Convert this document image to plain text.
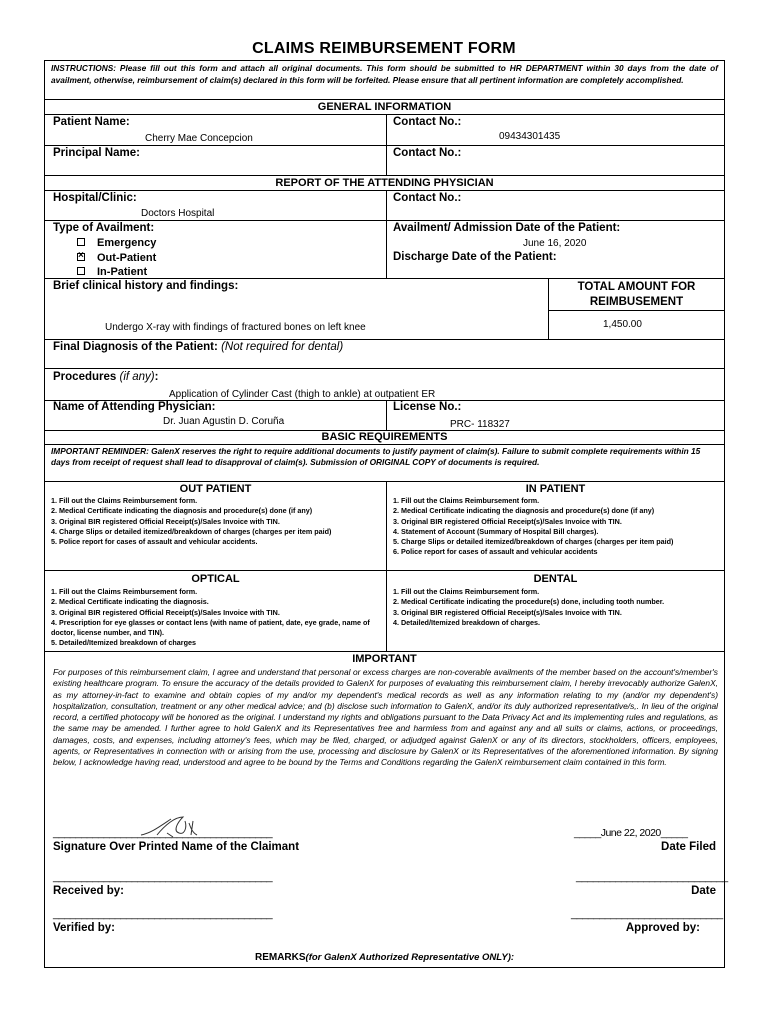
CLAIMS REIMBURSEMENT FORM
INSTRUCTIONS: Please fill out this form and attach all original documents. This form should be submitted to HR DEPARTMENT within 30 days from the date of availment, otherwise, reimbursement of claim(s) declared in this form will be forfeited. Please ensure that all pertinent information are completely accomplished.
GENERAL INFORMATION
Patient Name:
Cherry Mae Concepcion
Contact No.:
09434301435
Principal Name:	Contact No.:
REPORT OF THE ATTENDING PHYSICIAN
Hospital/Clinic:
Doctors Hospital
Contact No.:
Type of Availment:
Emergency
×Out-Patient
In-Patient
Availment/ Admission Date of the Patient:
June 16, 2020
Discharge Date of the Patient:
Brief clinical history and findings:
Undergo X-ray with findings of fractured bones on left knee
TOTAL AMOUNT FOR
REIMBUSEMENT
1,450.00
Final Diagnosis of the Patient: (Not required for dental)
Procedures (if any):
Application of Cylinder Cast (thigh to ankle) at outpatient ER
Name of Attending Physician:
Dr. Juan Agustin D. Coruña
License No.:
PRC- 118327
BASIC REQUIREMENTS
IMPORTANT REMINDER: GalenX reserves the right to require additional documents to justify payment of claim(s). Failure to submit complete requirements within 15 days from receipt of request shall lead to disapproval of claim(s). Submission of ORIGINAL COPY of documents is required.
OUT PATIENT
1. Fill out the Claims Reimbursement form.
2. Medical Certificate indicating the diagnosis and procedure(s) done (if any)
3. Original BIR registered Official Receipt(s)/Sales Invoice with TIN.
4. Charge Slips or detailed itemized/breakdown of charges (charges per item paid)
5. Police report for cases of assault and vehicular accidents.
IN PATIENT
1. Fill out the Claims Reimbursement form.
2. Medical Certificate indicating the diagnosis and procedure(s) done (if any)
3. Original BIR registered Official Receipt(s)/Sales Invoice with TIN.
4. Statement of Account (Summary of Hospital Bill charges).
5. Charge Slips or detailed itemized/breakdown of charges (charges per item paid)
6. Police report for cases of assault and vehicular accidents
OPTICAL
1. Fill out the Claims Reimbursement form.
2. Medical Certificate indicating the diagnosis.
3. Original BIR registered Official Receipt(s)/Sales Invoice with TIN.
4. Prescription for eye glasses or contact lens (with name of patient, date, eye grade, name of doctor, license number, and TIN).
5. Detailed/Itemized breakdown of charges
DENTAL
1. Fill out the Claims Reimbursement form.
2. Medical Certificate indicating the procedure(s) done, including tooth number.
3. Original BIR registered Official Receipt(s)/Sales Invoice with TIN.
4. Detailed/Itemized breakdown of charges.
IMPORTANT
For purposes of this reimbursement claim, I agree and understand that personal or excess charges are non-coverable availments of the member based on the account's/member's existing healthcare program. To ensure the accuracy of the details provided to GalenX for purposes of evaluating this reimbursement claim, I hereby irrevocably authorize GalenX, as my attorney-in-fact to examine and obtain copies of my and/or my dependent's medical records as well as any information relating to my (and/or my dependent's) hospitalization, consultation, treatment or any other medical advice; and (b) disclose such information to GalenX, and/or its duly authorized representative/s,. In lieu of the original record, a certified photocopy will be honored as the original. I understand my rights and obligations pursuant to the Data Privacy Act and its implementing rules and regulations, as the same may be amended. I further agree to hold GalenX and its Representatives free and harmless from and against any and all suits or claims, actions, or proceedings, damages, costs, and expenses, including attorney's fees, which may be filed, charged, or adjudged against GalenX or any of its directors, stockholders, officers, employees, agents, or Representatives in connection with or arising from the use, processing and disclosure by GalenX or its Representatives of the aforementioned information. By signing below, I acknowledge having read, understood and agree to be bound by the Terms and Conditions regarding the GalenX reimbursement claim contained in this form.
_______________________________________	_____June 22, 2020_____
Signature Over Printed Name of the Claimant	Date Filed
_______________________________________	___________________________
Received by:	Date
_______________________________________	___________________________
Verified by:	Approved by:
REMARKS(for GalenX Authorized Representative ONLY):
